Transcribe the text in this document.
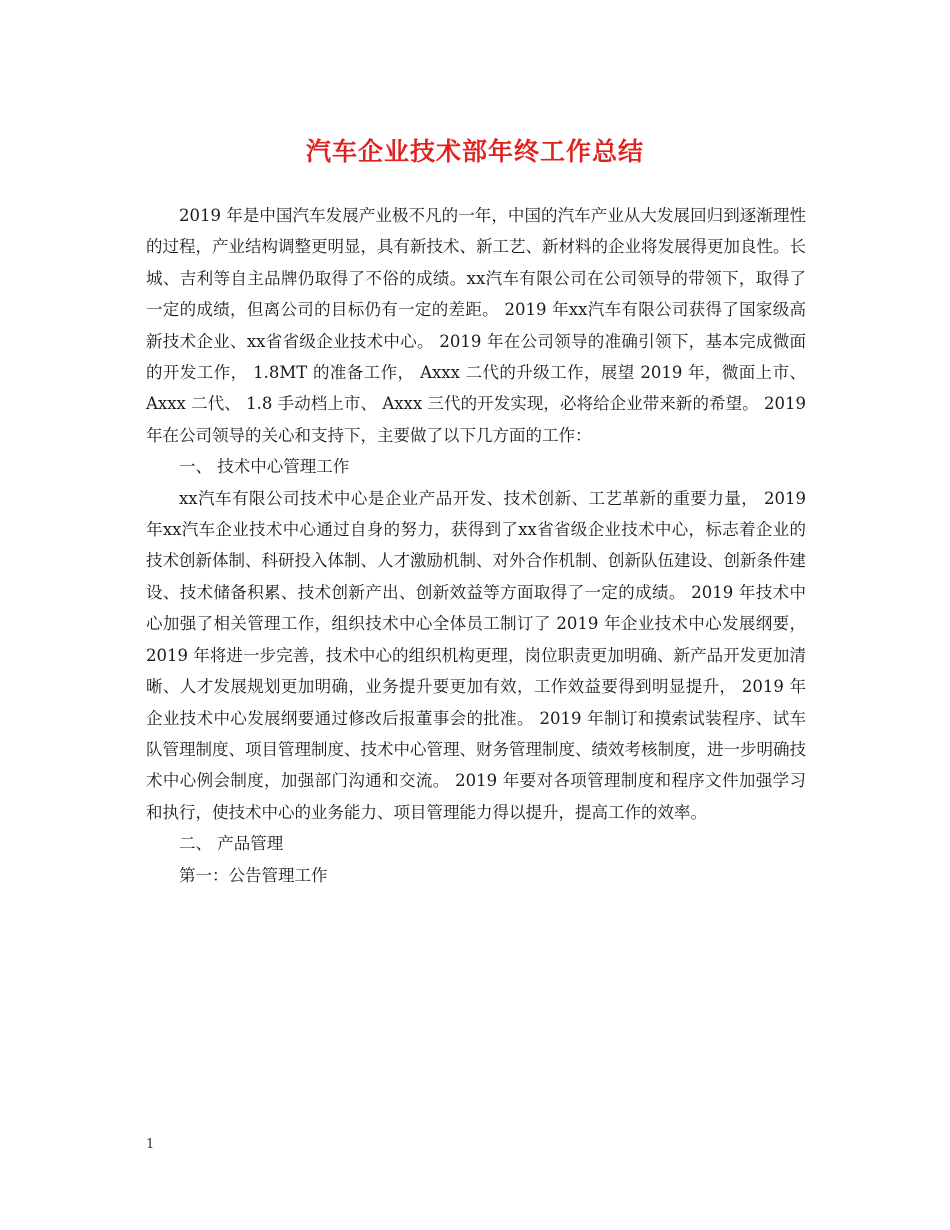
汽车企业技术部年终工作总结

2019 年是中国汽车发展产业极不凡的一年，中国的汽车产业从大发展回归到逐渐理性的过程，产业结构调整更明显，具有新技术、新工艺、新材料的企业将发展得更加良性。长城、吉利等自主品牌仍取得了不俗的成绩。xx汽车有限公司在公司领导的带领下，取得了一定的成绩，但离公司的目标仍有一定的差距。 2019 年xx汽车有限公司获得了国家级高新技术企业、xx省省级企业技术中心。 2019 年在公司领导的准确引领下，基本完成微面的开发工作， 1.8MT 的准备工作， Axxx 二代的升级工作，展望 2019 年，微面上市、 Axxx 二代、 1.8 手动档上市、 Axxx 三代的开发实现，必将给企业带来新的希望。 2019 年在公司领导的关心和支持下，主要做了以下几方面的工作：

一、 技术中心管理工作

xx汽车有限公司技术中心是企业产品开发、技术创新、工艺革新的重要力量， 2019 年xx汽车企业技术中心通过自身的努力，获得到了xx省省级企业技术中心，标志着企业的技术创新体制、科研投入体制、人才激励机制、对外合作机制、创新队伍建设、创新条件建设、技术储备积累、技术创新产出、创新效益等方面取得了一定的成绩。 2019 年技术中心加强了相关管理工作，组织技术中心全体员工制订了 2019 年企业技术中心发展纲要， 2019 年将进一步完善，技术中心的组织机构更理，岗位职责更加明确、新产品开发更加清晰、人才发展规划更加明确，业务提升要更加有效，工作效益要得到明显提升， 2019 年企业技术中心发展纲要通过修改后报董事会的批准。 2019 年制订和摸索试装程序、试车队管理制度、项目管理制度、技术中心管理、财务管理制度、绩效考核制度，进一步明确技术中心例会制度，加强部门沟通和交流。 2019 年要对各项管理制度和程序文件加强学习和执行，使技术中心的业务能力、项目管理能力得以提升，提高工作的效率。

二、 产品管理

第一：公告管理工作

1
